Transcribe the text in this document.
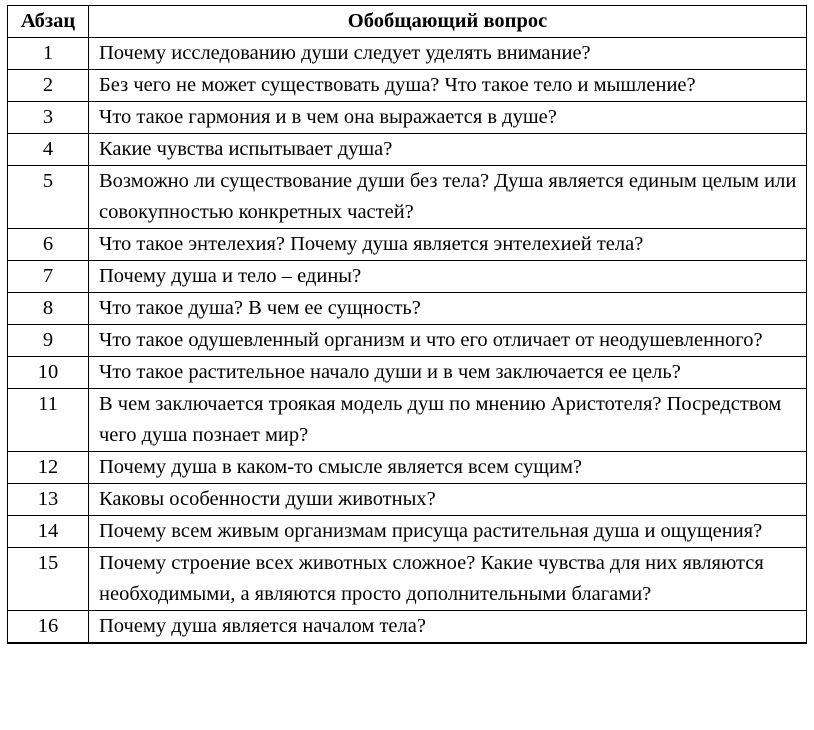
Абзац	Обобщающий вопрос
1	Почему исследованию души следует уделять внимание?
2	Без чего не может существовать душа? Что такое тело и мышление?
3	Что такое гармония и в чем она выражается в душе?
4	Какие чувства испытывает душа?
5	Возможно ли существование души без тела? Душа является единым целым или совокупностью конкретных частей?
6	Что такое энтелехия? Почему душа является энтелехией тела?
7	Почему душа и тело – едины?
8	Что такое душа? В чем ее сущность?
9	Что такое одушевленный организм и что его отличает от неодушевленного?
10	Что такое растительное начало души и в чем заключается ее цель?
11	В чем заключается троякая модель душ по мнению Аристотеля? Посредством чего душа познает мир?
12	Почему душа в каком-то смысле является всем сущим?
13	Каковы особенности души животных?
14	Почему всем живым организмам присуща растительная душа и ощущения?
15	Почему строение всех животных сложное? Какие чувства для них являются необходимыми, а являются просто дополнительными благами?
16	Почему душа является началом тела?
